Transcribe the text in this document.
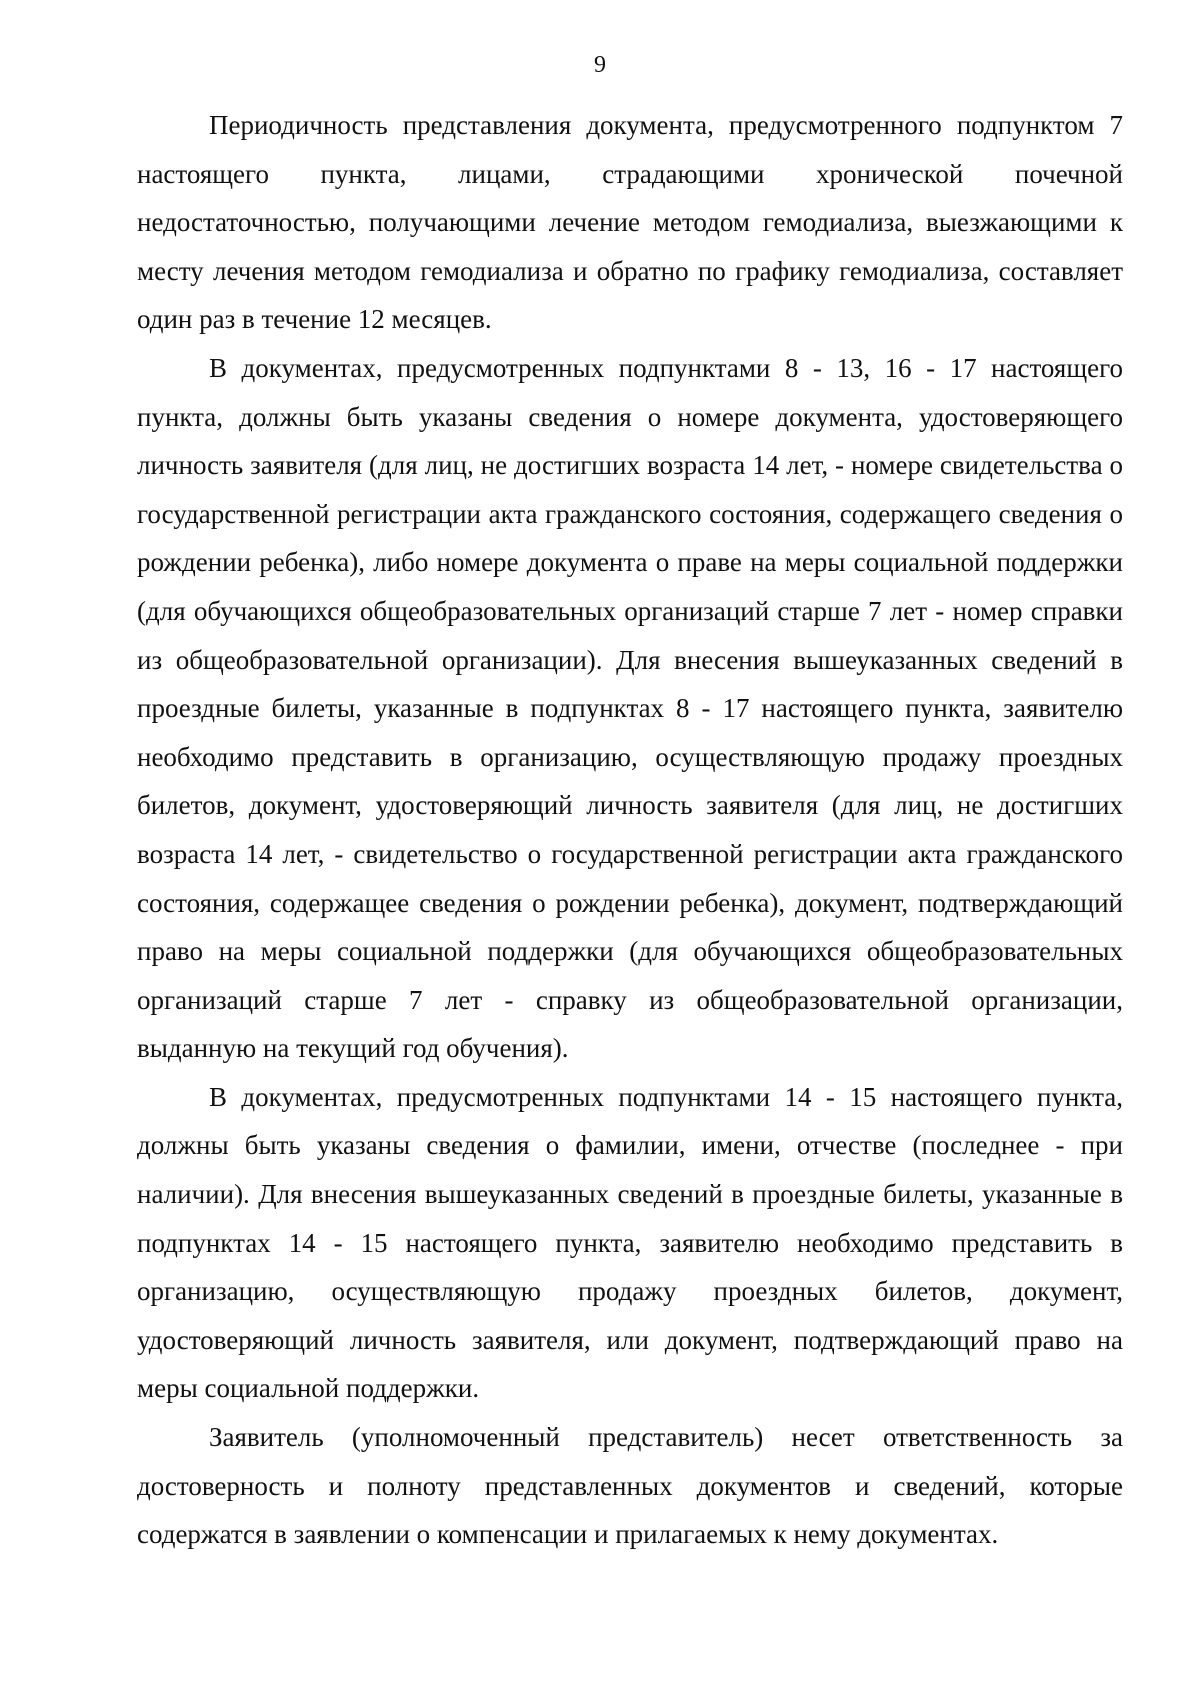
9

Периодичность представления документа, предусмотренного подпунктом 7 настоящего пункта, лицами, страдающими хронической почечной недостаточностью, получающими лечение методом гемодиализа, выезжающими к месту лечения методом гемодиализа и обратно по графику гемодиализа, составляет один раз в течение 12 месяцев.

В документах, предусмотренных подпунктами 8 - 13, 16 - 17 настоящего пункта, должны быть указаны сведения о номере документа, удостоверяющего личность заявителя (для лиц, не достигших возраста 14 лет, - номере свидетельства о государственной регистрации акта гражданского состояния, содержащего сведения о рождении ребенка), либо номере документа о праве на меры социальной поддержки (для обучающихся общеобразовательных организаций старше 7 лет - номер справки из общеобразовательной организации). Для внесения вышеуказанных сведений в проездные билеты, указанные в подпунктах 8 - 17 настоящего пункта, заявителю необходимо представить в организацию, осуществляющую продажу проездных билетов, документ, удостоверяющий личность заявителя (для лиц, не достигших возраста 14 лет, - свидетельство о государственной регистрации акта гражданского состояния, содержащее сведения о рождении ребенка), документ, подтверждающий право на меры социальной поддержки (для обучающихся общеобразовательных организаций старше 7 лет - справку из общеобразовательной организации, выданную на текущий год обучения).

В документах, предусмотренных подпунктами 14 - 15 настоящего пункта, должны быть указаны сведения о фамилии, имени, отчестве (последнее - при наличии). Для внесения вышеуказанных сведений в проездные билеты, указанные в подпунктах 14 - 15 настоящего пункта, заявителю необходимо представить в организацию, осуществляющую продажу проездных билетов, документ, удостоверяющий личность заявителя, или документ, подтверждающий право на меры социальной поддержки.

Заявитель (уполномоченный представитель) несет ответственность за достоверность и полноту представленных документов и сведений, которые содержатся в заявлении о компенсации и прилагаемых к нему документах.
